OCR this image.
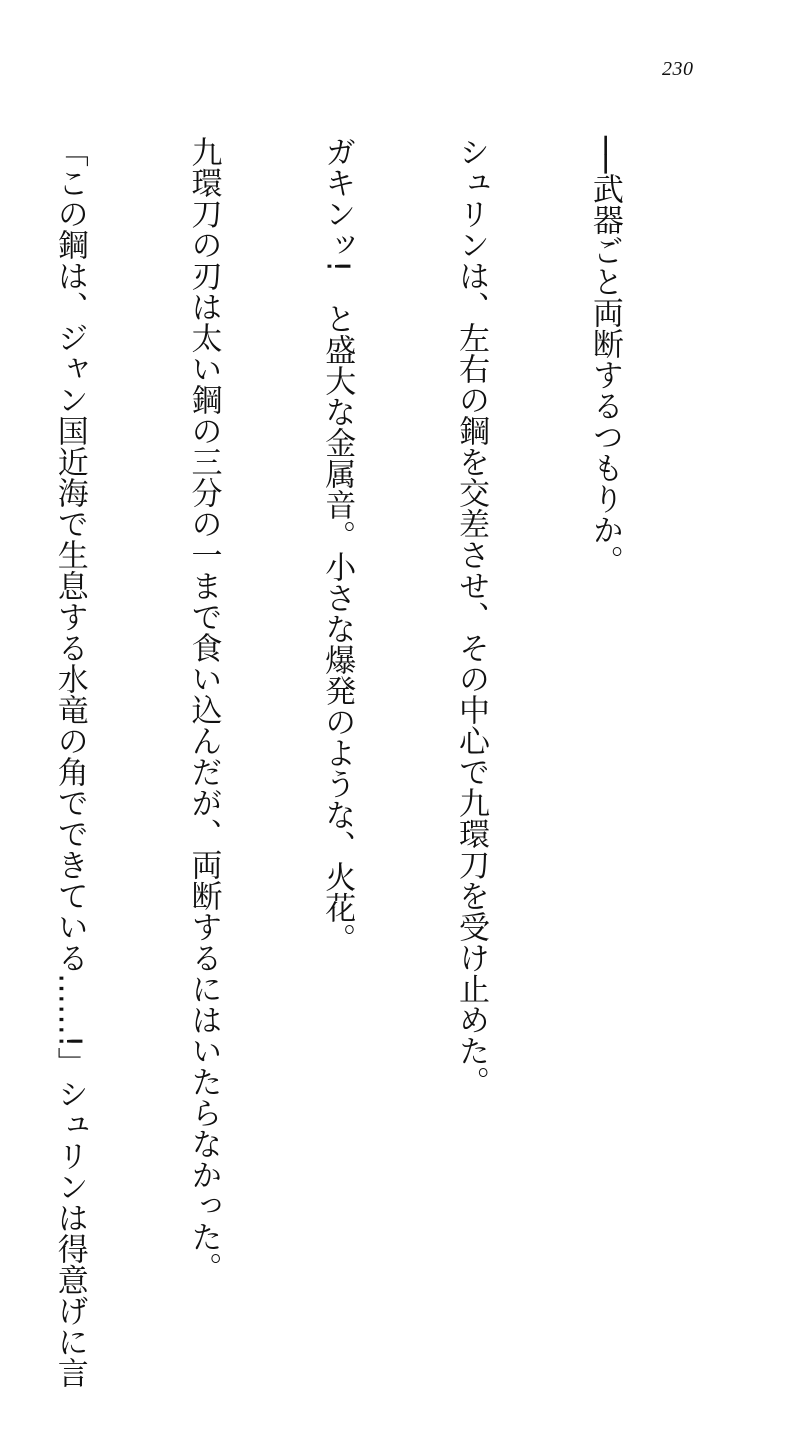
230

──武器ごと両断するつもりか。

シュリンは、左右の鋼を交差させ、その中心で九環刀を受け止めた。

ガキンッ!　と盛大な金属音。小さな爆発のような、火花。

九環刀の刃は太い鋼の三分の一まで食い込んだが、両断するにはいたらなかった。

「この鋼は、ジャン国近海で生息する水竜の角でできている……!」シュリンは得意げに言
